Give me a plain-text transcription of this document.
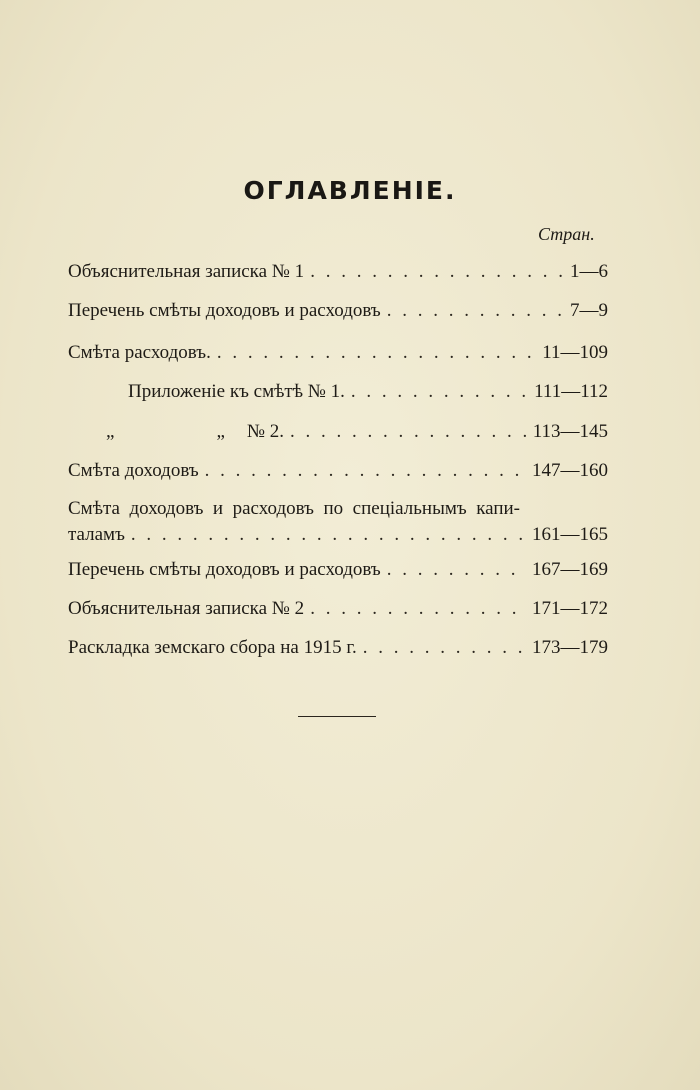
ОГЛАВЛЕНІЕ.
Стран.
Объяснительная записка № 1 . . .	1—6
Перечень смѣты доходовъ и расходовъ . . .	7—9
Смѣта расходовъ. . . .	11—109
Приложеніе къ смѣтѣ № 1. . . .	111—112
„	„ № 2. . . .	113—145
Смѣта доходовъ . . .	147—160
Смѣта доходовъ и расходовъ по спеціальнымъ капи-
таламъ . . .	161—165
Перечень смѣты доходовъ и расходовъ . . .	167—169
Объяснительная записка № 2 . . .	171—172
Раскладка земскаго сбора на 1915 г. . . .	173—179
